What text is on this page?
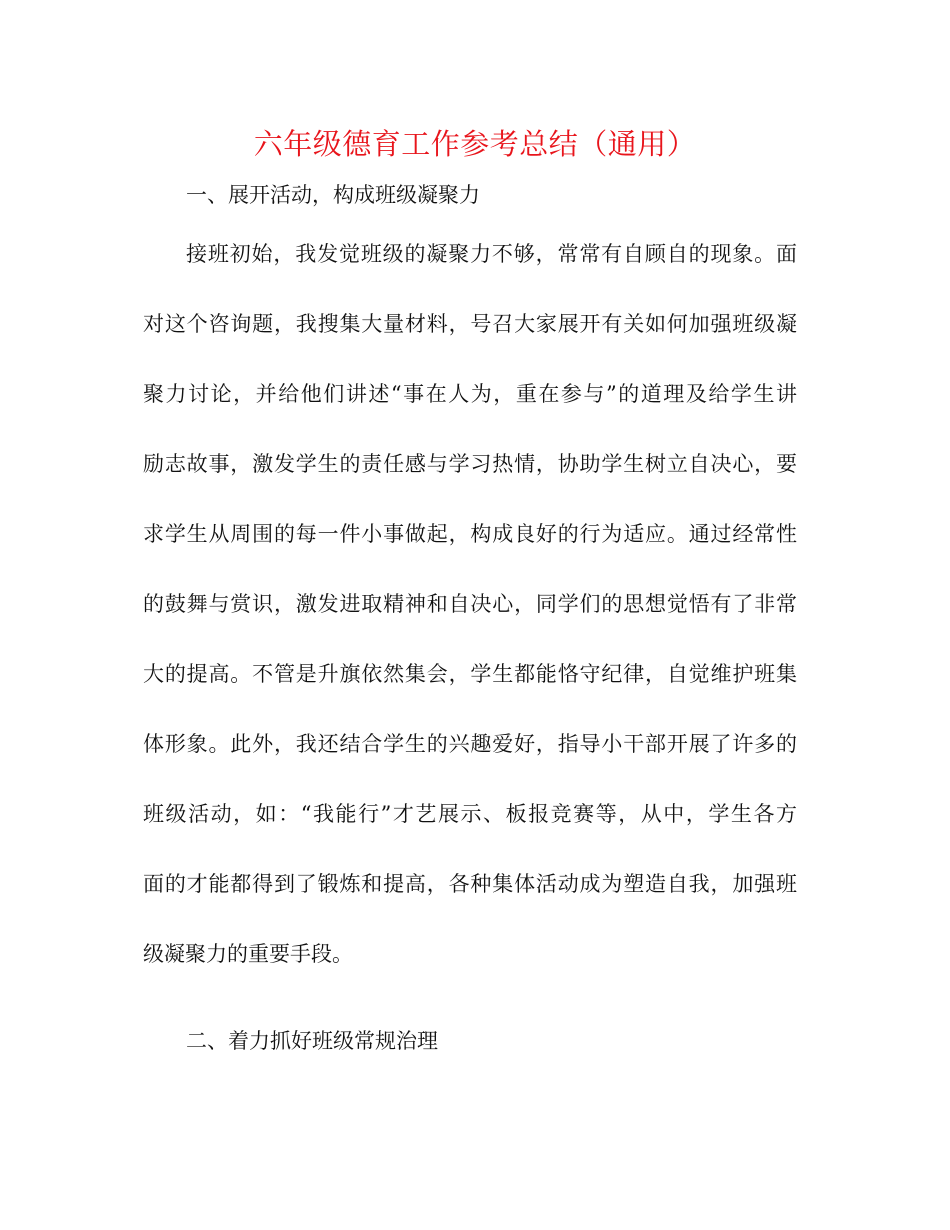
六年级德育工作参考总结（通用）
一、展开活动，构成班级凝聚力
接班初始，我发觉班级的凝聚力不够，常常有自顾自的现象。面
对这个咨询题，我搜集大量材料，号召大家展开有关如何加强班级凝
聚力讨论，并给他们讲述“事在人为，重在参与”的道理及给学生讲
励志故事，激发学生的责任感与学习热情，协助学生树立自决心，要
求学生从周围的每一件小事做起，构成良好的行为适应。通过经常性
的鼓舞与赏识，激发进取精神和自决心，同学们的思想觉悟有了非常
大的提高。不管是升旗依然集会，学生都能恪守纪律，自觉维护班集
体形象。此外，我还结合学生的兴趣爱好，指导小干部开展了许多的
班级活动，如：“我能行”才艺展示、板报竞赛等，从中，学生各方
面的才能都得到了锻炼和提高，各种集体活动成为塑造自我，加强班
级凝聚力的重要手段。
二、着力抓好班级常规治理
